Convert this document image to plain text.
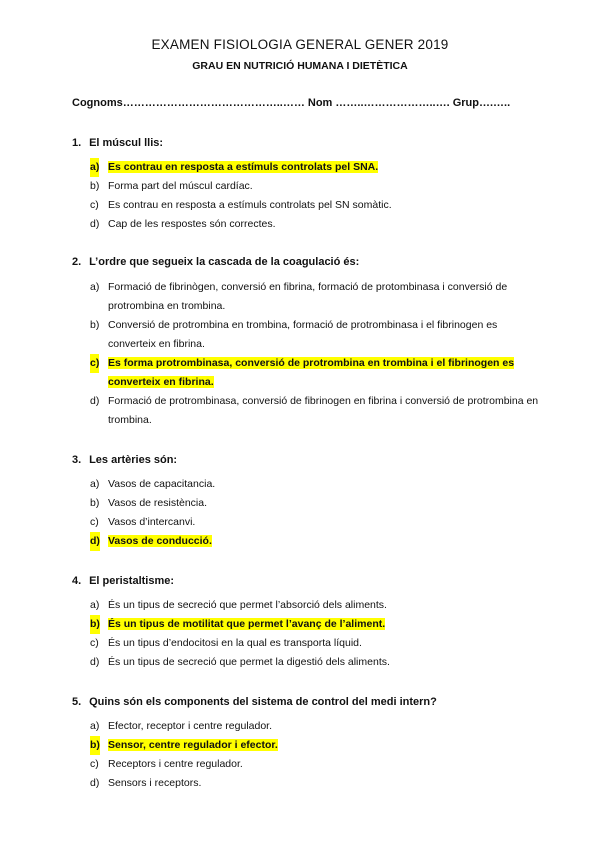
EXAMEN FISIOLOGIA GENERAL GENER 2019
GRAU EN NUTRICIÓ HUMANA I DIETÈTICA
Cognoms……………………………………..…… Nom ……..………………..…. Grup….…..
1. El múscul llis:
a) Es contrau en resposta a estímuls controlats pel SNA.
b) Forma part del múscul cardíac.
c) Es contrau en resposta a estímuls controlats pel SN somàtic.
d) Cap de les respostes són correctes.
2. L’ordre que segueix la cascada de la coagulació és:
a) Formació de fibrinògen, conversió en fibrina, formació de protombinasa i conversió de protrombina en trombina.
b) Conversió de protrombina en trombina, formació de protrombinasa i el fibrinogen es converteix en fibrina.
c) Es forma protrombinasa, conversió de protrombina en trombina i el fibrinogen es converteix en fibrina.
d) Formació de protrombinasa, conversió de fibrinogen en fibrina i conversió de protrombina en trombina.
3. Les artèries són:
a) Vasos de capacitancia.
b) Vasos de resistència.
c) Vasos d’intercanvi.
d) Vasos de conducció.
4. El peristaltisme:
a) És un tipus de secreció que permet l’absorció dels aliments.
b) És un tipus de motilitat que permet l’avanç de l’aliment.
c) És un tipus d’endocitosi en la qual es transporta líquid.
d) És un tipus de secreció que permet la digestió dels aliments.
5. Quins són els components del sistema de control del medi intern?
a) Efector, receptor i centre regulador.
b) Sensor, centre regulador i efector.
c) Receptors i centre regulador.
d) Sensors i receptors.
